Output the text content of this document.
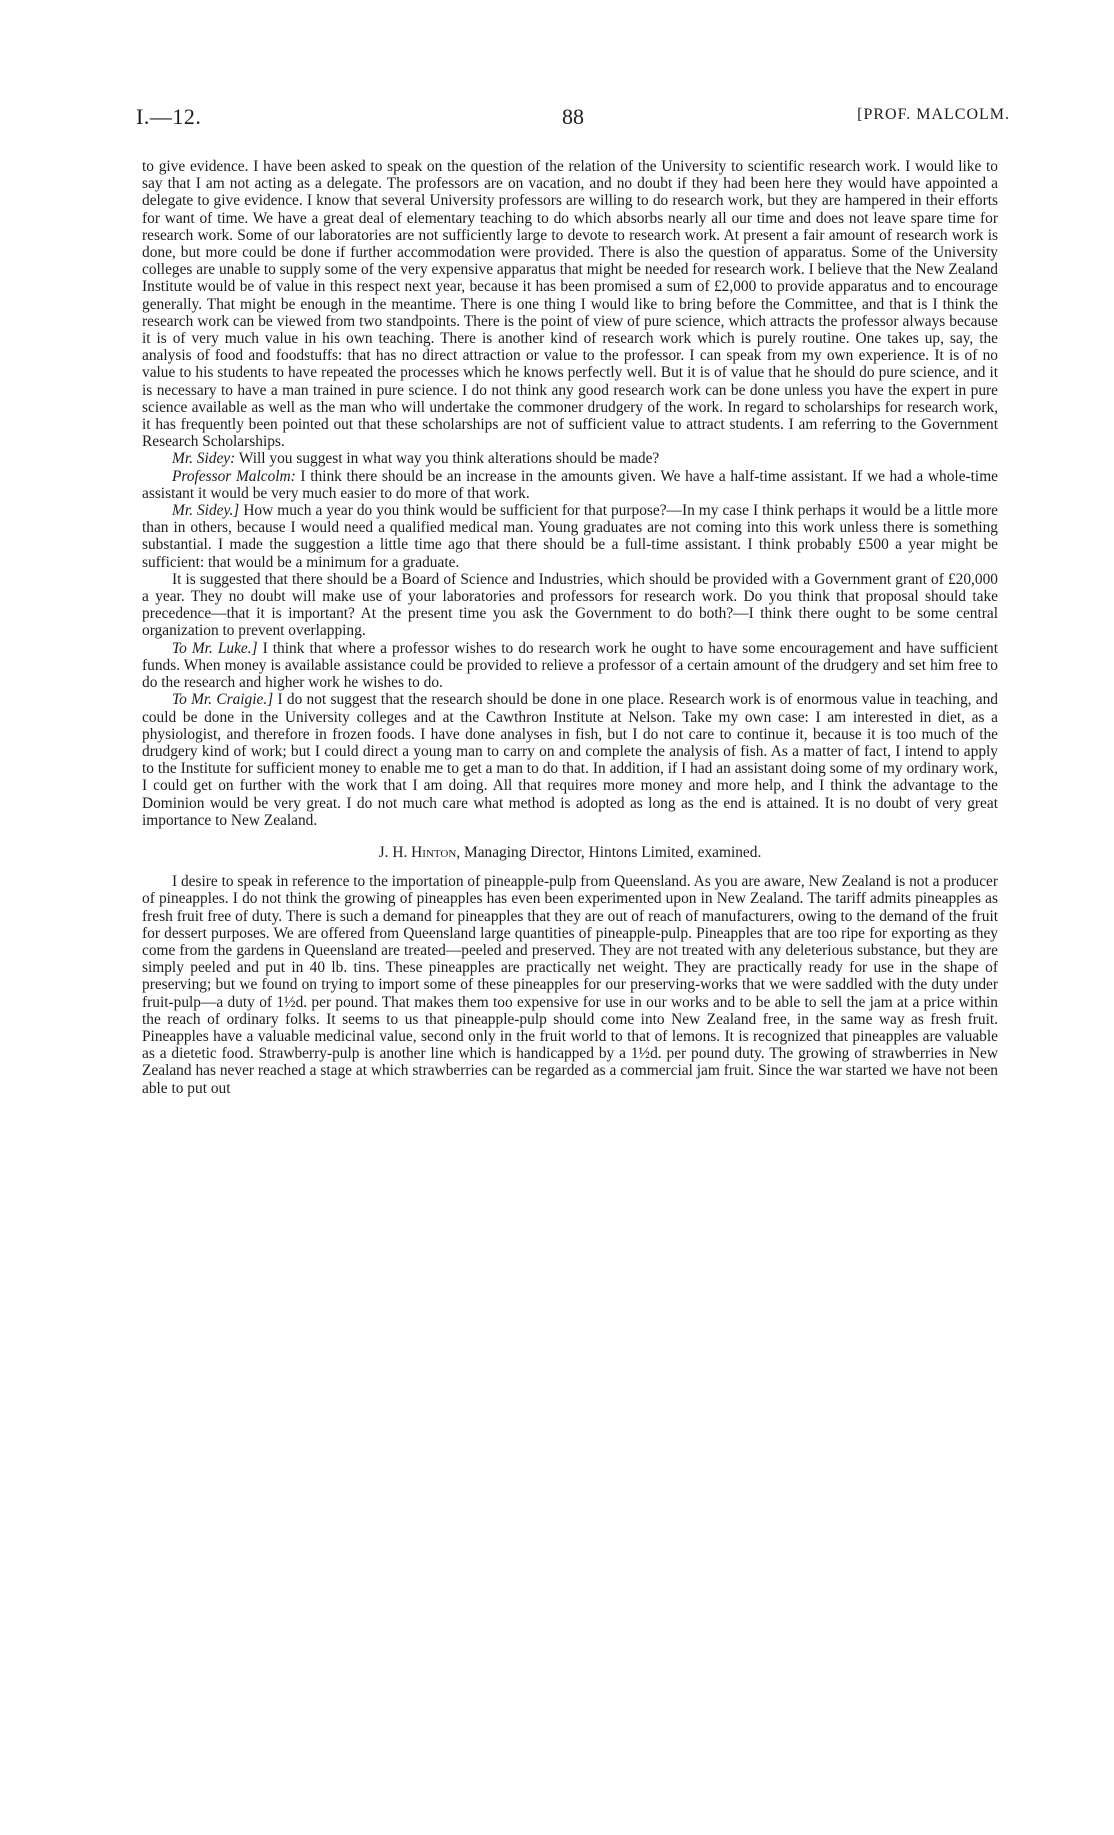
I.—12.	88	[PROF. MALCOLM.

to give evidence. I have been asked to speak on the question of the relation of the University to scientific research work. I would like to say that I am not acting as a delegate. The professors are on vacation, and no doubt if they had been here they would have appointed a delegate to give evidence. I know that several University professors are willing to do research work, but they are hampered in their efforts for want of time. We have a great deal of elementary teaching to do which absorbs nearly all our time and does not leave spare time for research work. Some of our laboratories are not sufficiently large to devote to research work. At present a fair amount of research work is done, but more could be done if further accommodation were provided. There is also the question of apparatus. Some of the University colleges are unable to supply some of the very expensive apparatus that might be needed for research work. I believe that the New Zealand Institute would be of value in this respect next year, because it has been promised a sum of £2,000 to provide apparatus and to encourage generally. That might be enough in the meantime. There is one thing I would like to bring before the Committee, and that is I think the research work can be viewed from two standpoints. There is the point of view of pure science, which attracts the professor always because it is of very much value in his own teaching. There is another kind of research work which is purely routine. One takes up, say, the analysis of food and foodstuffs: that has no direct attraction or value to the professor. I can speak from my own experience. It is of no value to his students to have repeated the processes which he knows perfectly well. But it is of value that he should do pure science, and it is necessary to have a man trained in pure science. I do not think any good research work can be done unless you have the expert in pure science available as well as the man who will undertake the commoner drudgery of the work. In regard to scholarships for research work, it has frequently been pointed out that these scholarships are not of sufficient value to attract students. I am referring to the Government Research Scholarships.

Mr. Sidey: Will you suggest in what way you think alterations should be made?

Professor Malcolm: I think there should be an increase in the amounts given. We have a half-time assistant. If we had a whole-time assistant it would be very much easier to do more of that work.

Mr. Sidey.] How much a year do you think would be sufficient for that purpose?—In my case I think perhaps it would be a little more than in others, because I would need a qualified medical man. Young graduates are not coming into this work unless there is something substantial. I made the suggestion a little time ago that there should be a full-time assistant. I think probably £500 a year might be sufficient: that would be a minimum for a graduate.

It is suggested that there should be a Board of Science and Industries, which should be provided with a Government grant of £20,000 a year. They no doubt will make use of your laboratories and professors for research work. Do you think that proposal should take precedence—that it is important? At the present time you ask the Government to do both?—I think there ought to be some central organization to prevent overlapping.

To Mr. Luke.] I think that where a professor wishes to do research work he ought to have some encouragement and have sufficient funds. When money is available assistance could be provided to relieve a professor of a certain amount of the drudgery and set him free to do the research and higher work he wishes to do.

To Mr. Craigie.] I do not suggest that the research should be done in one place. Research work is of enormous value in teaching, and could be done in the University colleges and at the Cawthron Institute at Nelson. Take my own case: I am interested in diet, as a physiologist, and therefore in frozen foods. I have done analyses in fish, but I do not care to continue it, because it is too much of the drudgery kind of work; but I could direct a young man to carry on and complete the analysis of fish. As a matter of fact, I intend to apply to the Institute for sufficient money to enable me to get a man to do that. In addition, if I had an assistant doing some of my ordinary work, I could get on further with the work that I am doing. All that requires more money and more help, and I think the advantage to the Dominion would be very great. I do not much care what method is adopted as long as the end is attained. It is no doubt of very great importance to New Zealand.

J. H. Hinton, Managing Director, Hintons Limited, examined.

I desire to speak in reference to the importation of pineapple-pulp from Queensland. As you are aware, New Zealand is not a producer of pineapples. I do not think the growing of pineapples has even been experimented upon in New Zealand. The tariff admits pineapples as fresh fruit free of duty. There is such a demand for pineapples that they are out of reach of manufacturers, owing to the demand of the fruit for dessert purposes. We are offered from Queensland large quantities of pineapple-pulp. Pineapples that are too ripe for exporting as they come from the gardens in Queensland are treated—peeled and preserved. They are not treated with any deleterious substance, but they are simply peeled and put in 40 lb. tins. These pineapples are practically net weight. They are practically ready for use in the shape of preserving; but we found on trying to import some of these pineapples for our preserving-works that we were saddled with the duty under fruit-pulp—a duty of 1½d. per pound. That makes them too expensive for use in our works and to be able to sell the jam at a price within the reach of ordinary folks. It seems to us that pineapple-pulp should come into New Zealand free, in the same way as fresh fruit. Pineapples have a valuable medicinal value, second only in the fruit world to that of lemons. It is recognized that pineapples are valuable as a dietetic food. Strawberry-pulp is another line which is handicapped by a 1½d. per pound duty. The growing of strawberries in New Zealand has never reached a stage at which strawberries can be regarded as a commercial jam fruit. Since the war started we have not been able to put out
